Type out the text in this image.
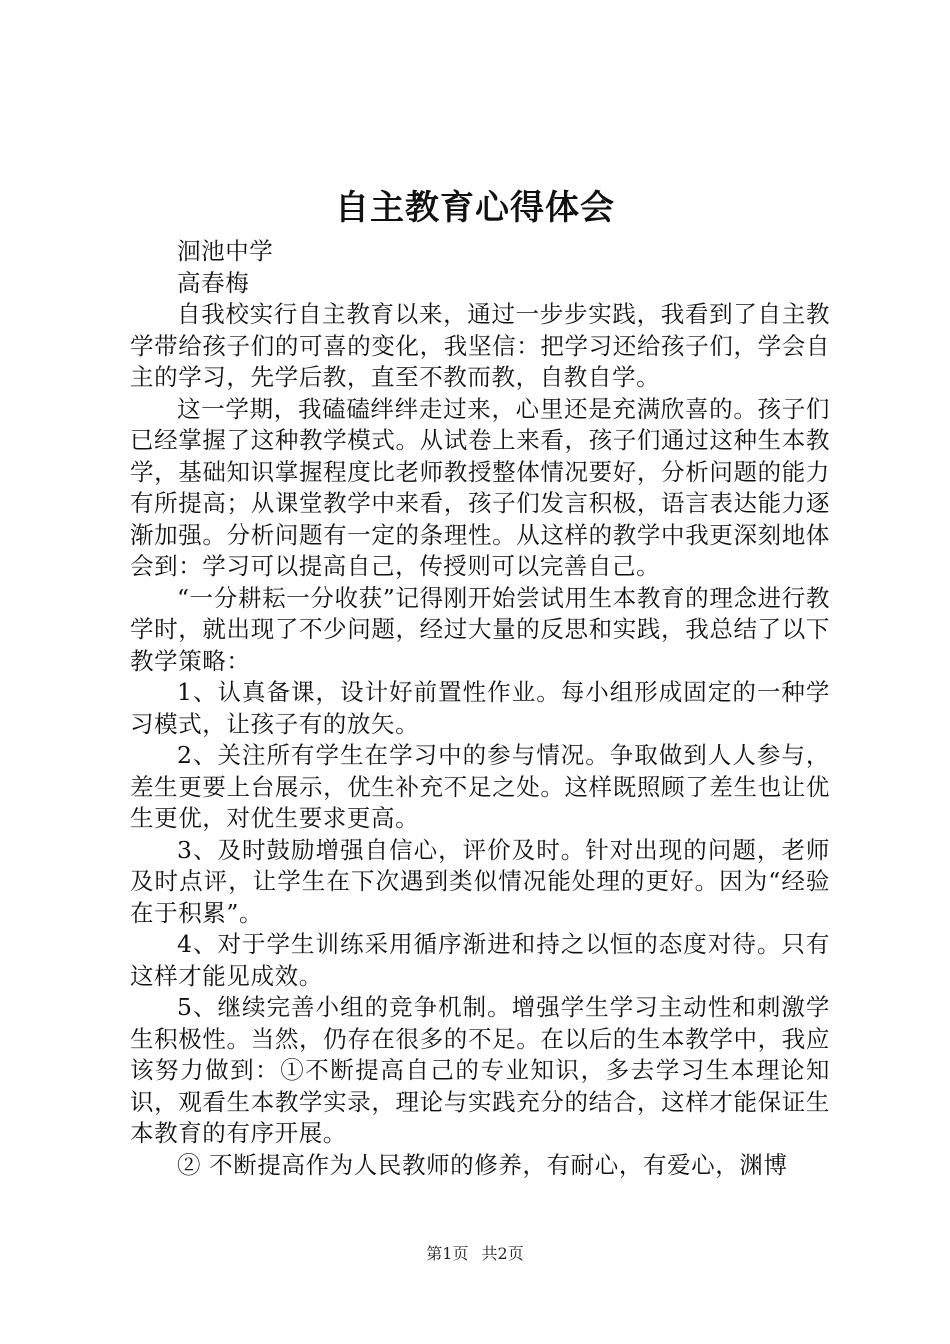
自主教育心得体会

洄池中学

高春梅

自我校实行自主教育以来，通过一步步实践，我看到了自主教学带给孩子们的可喜的变化，我坚信：把学习还给孩子们，学会自主的学习，先学后教，直至不教而教，自教自学。

这一学期，我磕磕绊绊走过来，心里还是充满欣喜的。孩子们已经掌握了这种教学模式。从试卷上来看，孩子们通过这种生本教学，基础知识掌握程度比老师教授整体情况要好，分析问题的能力有所提高；从课堂教学中来看，孩子们发言积极，语言表达能力逐渐加强。分析问题有一定的条理性。从这样的教学中我更深刻地体会到：学习可以提高自己，传授则可以完善自己。

“一分耕耘一分收获”记得刚开始尝试用生本教育的理念进行教学时，就出现了不少问题，经过大量的反思和实践，我总结了以下教学策略：

1、认真备课，设计好前置性作业。每小组形成固定的一种学习模式，让孩子有的放矢。

2、关注所有学生在学习中的参与情况。争取做到人人参与，差生更要上台展示，优生补充不足之处。这样既照顾了差生也让优生更优，对优生要求更高。

3、及时鼓励增强自信心，评价及时。针对出现的问题，老师及时点评，让学生在下次遇到类似情况能处理的更好。因为“经验在于积累”。

4、对于学生训练采用循序渐进和持之以恒的态度对待。只有这样才能见成效。

5、继续完善小组的竞争机制。增强学生学习主动性和刺激学生积极性。当然，仍存在很多的不足。在以后的生本教学中，我应该努力做到：①不断提高自己的专业知识，多去学习生本理论知识，观看生本教学实录，理论与实践充分的结合，这样才能保证生本教育的有序开展。

② 不断提高作为人民教师的修养，有耐心，有爱心，渊博

第1页 共2页
